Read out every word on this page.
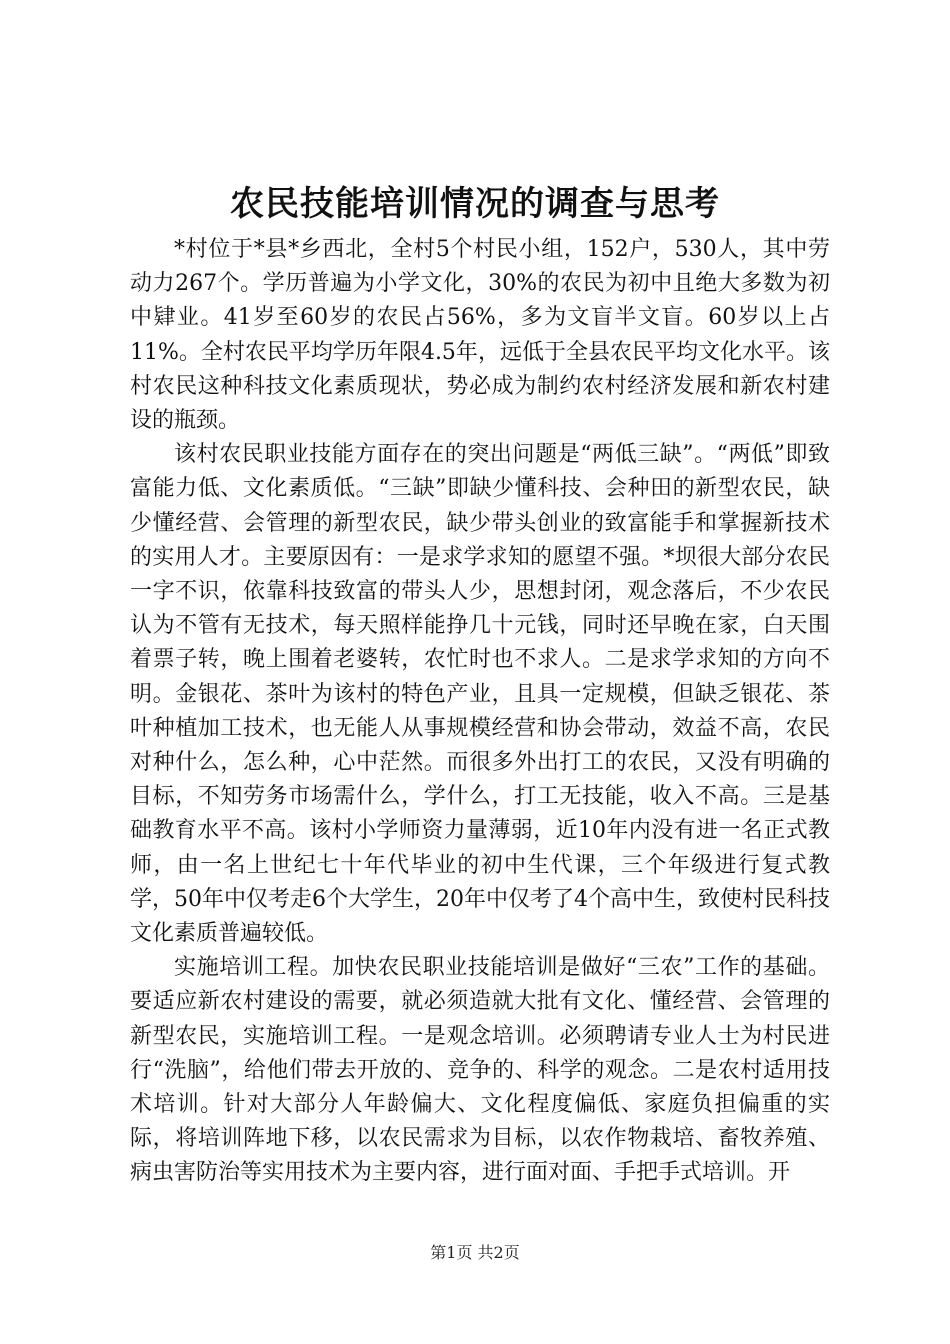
农民技能培训情况的调查与思考

*村位于*县*乡西北，全村5个村民小组，152户，530人，其中劳动力267个。学历普遍为小学文化，30%的农民为初中且绝大多数为初中肄业。41岁至60岁的农民占56%，多为文盲半文盲。60岁以上占11%。全村农民平均学历年限4.5年，远低于全县农民平均文化水平。该村农民这种科技文化素质现状，势必成为制约农村经济发展和新农村建设的瓶颈。

该村农民职业技能方面存在的突出问题是“两低三缺”。“两低”即致富能力低、文化素质低。“三缺”即缺少懂科技、会种田的新型农民，缺少懂经营、会管理的新型农民，缺少带头创业的致富能手和掌握新技术的实用人才。主要原因有：一是求学求知的愿望不强。*坝很大部分农民一字不识，依靠科技致富的带头人少，思想封闭，观念落后，不少农民认为不管有无技术，每天照样能挣几十元钱，同时还早晚在家，白天围着票子转，晚上围着老婆转，农忙时也不求人。二是求学求知的方向不明。金银花、茶叶为该村的特色产业，且具一定规模，但缺乏银花、茶叶种植加工技术，也无能人从事规模经营和协会带动，效益不高，农民对种什么，怎么种，心中茫然。而很多外出打工的农民，又没有明确的目标，不知劳务市场需什么，学什么，打工无技能，收入不高。三是基础教育水平不高。该村小学师资力量薄弱，近10年内没有进一名正式教师，由一名上世纪七十年代毕业的初中生代课，三个年级进行复式教学，50年中仅考走6个大学生，20年中仅考了4个高中生，致使村民科技文化素质普遍较低。

实施培训工程。加快农民职业技能培训是做好“三农”工作的基础。要适应新农村建设的需要，就必须造就大批有文化、懂经营、会管理的新型农民，实施培训工程。一是观念培训。必须聘请专业人士为村民进行“洗脑”，给他们带去开放的、竞争的、科学的观念。二是农村适用技术培训。针对大部分人年龄偏大、文化程度偏低、家庭负担偏重的实际，将培训阵地下移，以农民需求为目标，以农作物栽培、畜牧养殖、病虫害防治等实用技术为主要内容，进行面对面、手把手式培训。开

第1页 共2页
